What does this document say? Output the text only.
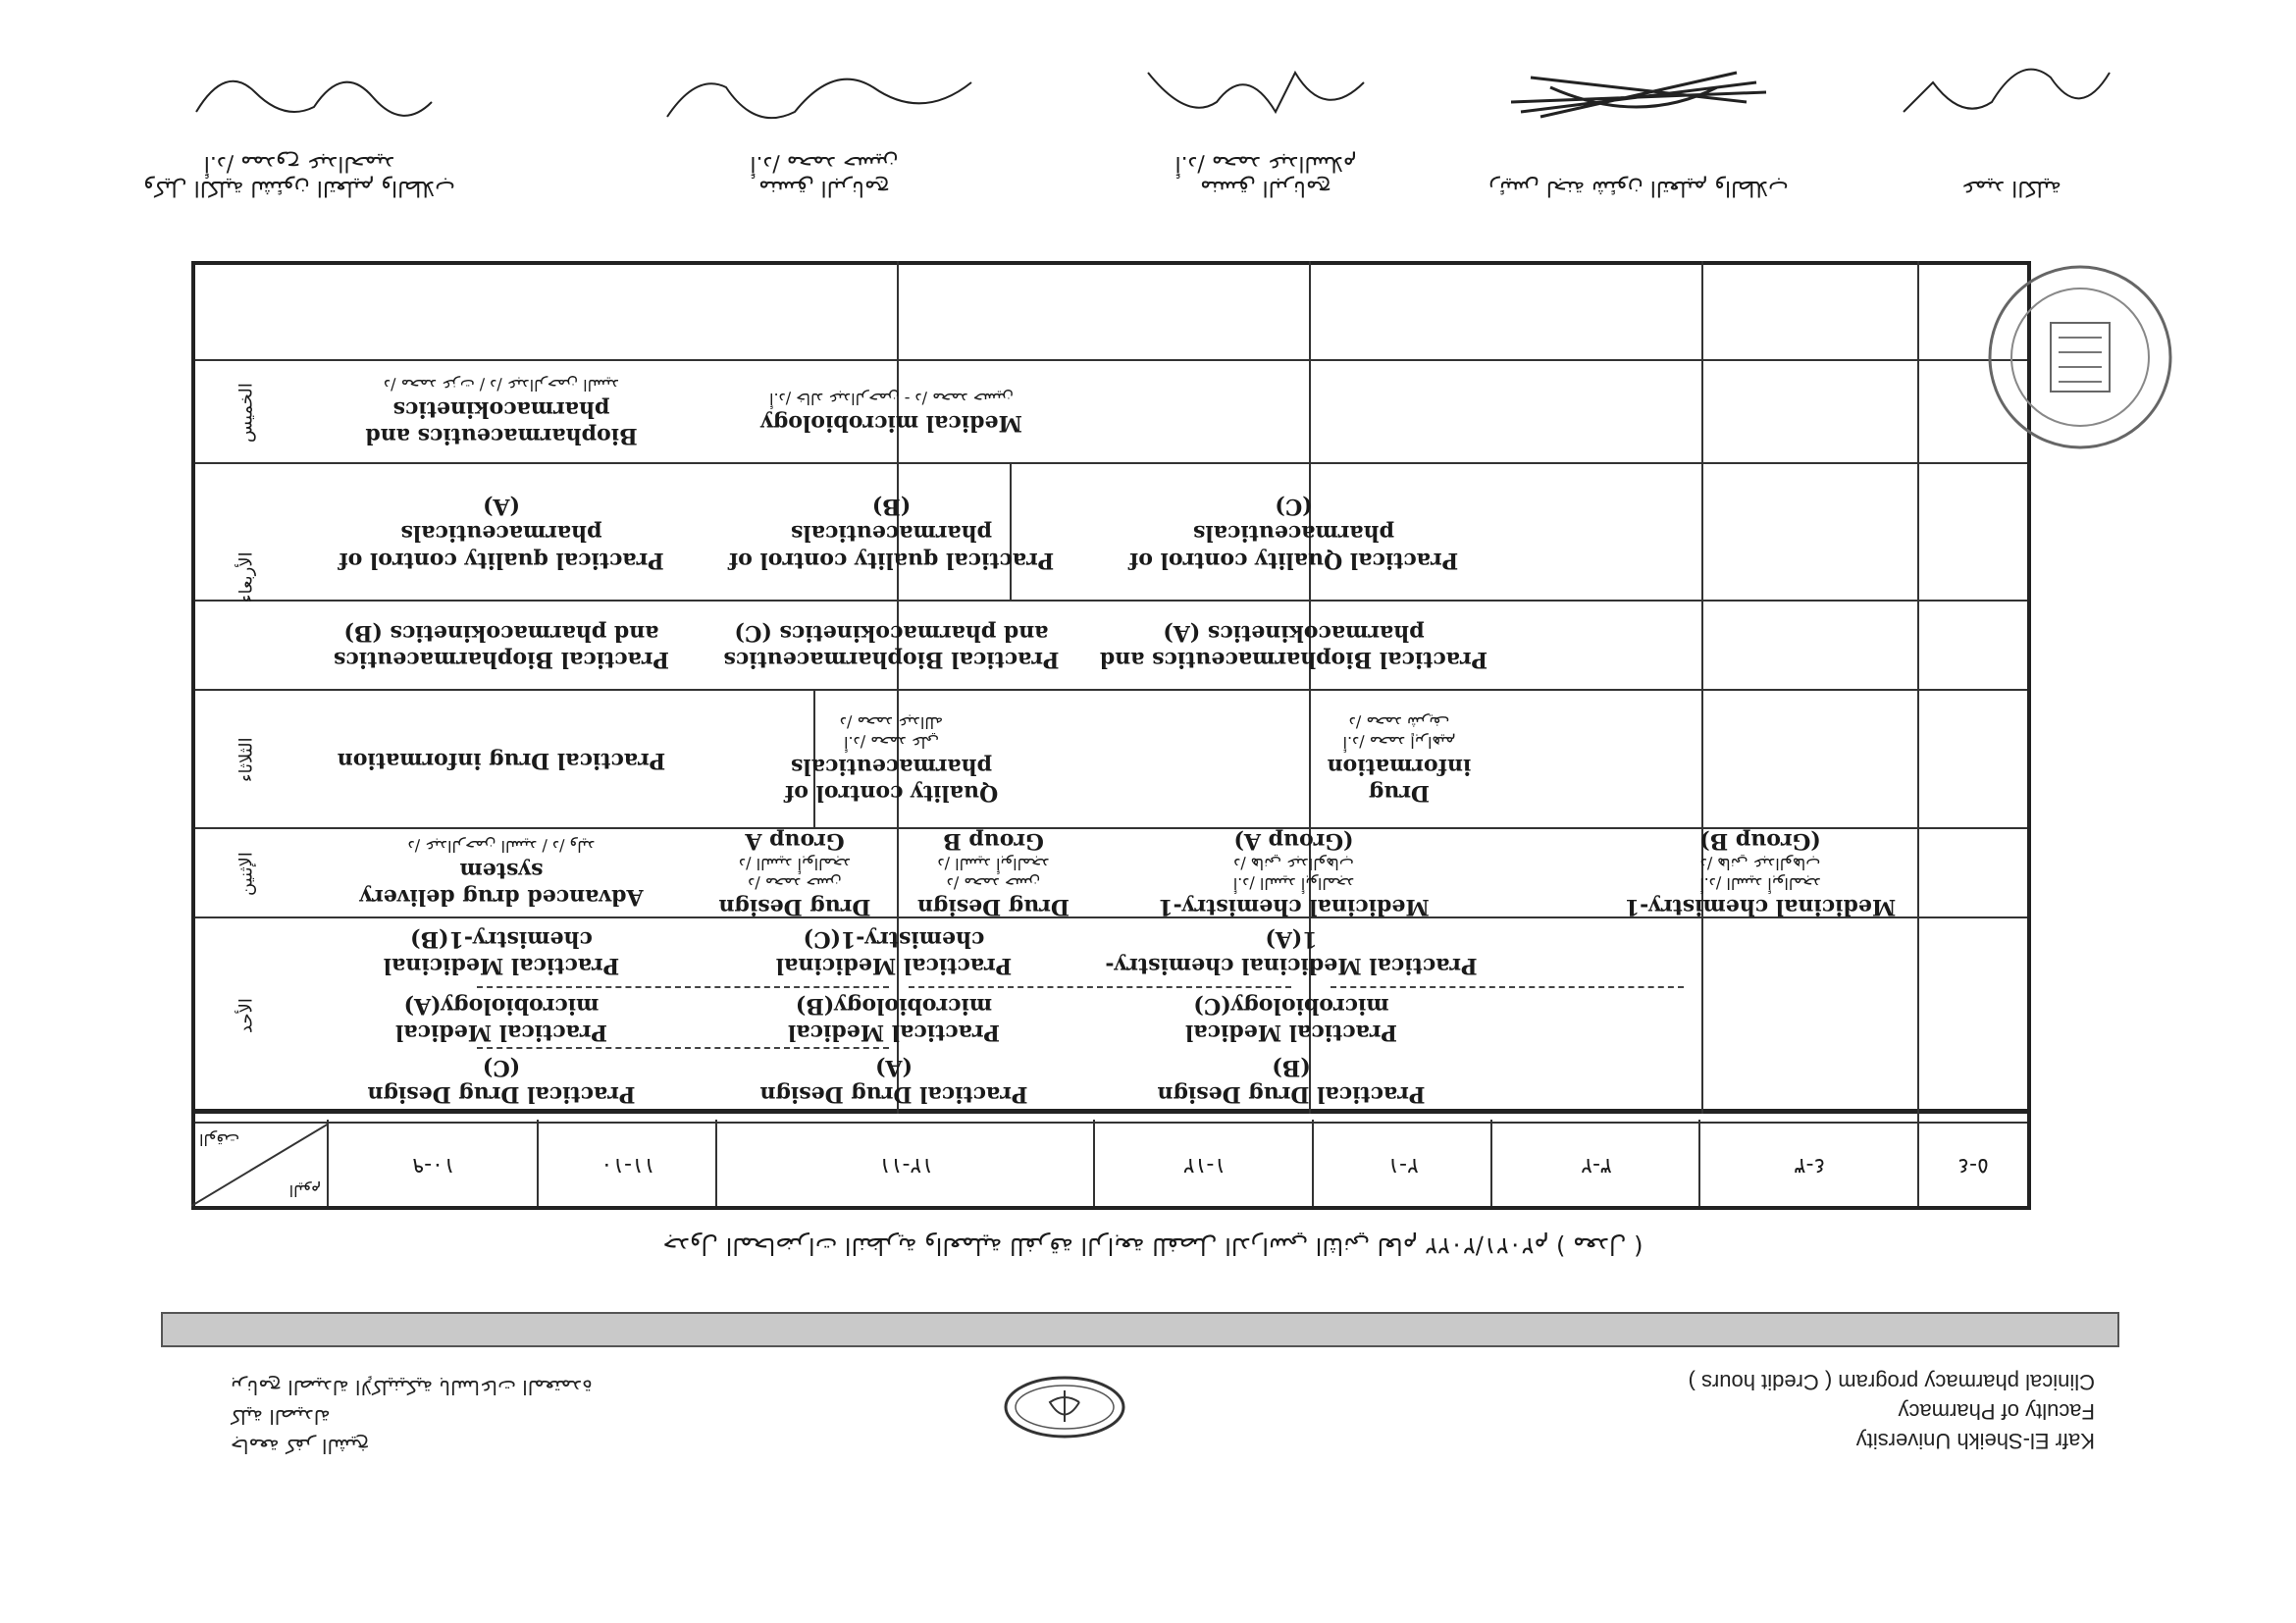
Kafr El-Sheikh University
Faculty of Pharmacy
Clinical pharmacy program ( Credit hours )
جامعة كفر الشيخ
كلية الصيدلة
برنامج الصيدلة الإكلينيكية بالساعات المعتمدة
جدول المحاضرات النظرية والعملية للفرقة الرابعة للفصل الدراسي الثاني لعام ٢٠٢١/٢٠٢٢م ( معدل )
٤-٥
٣-٤
٢-٣
١-٢
١٢-١
١١-١٢
١٠-١١
٩-١٠
الوقت
اليوم
الأحد
الإثنين
الثلاثاء
الأربعاء
الخميس
Practical Drug Design
(C)
Practical Medical microbiology(A)
Practical Medicinal chemistry-1(B)
Practical Drug Design
(A)
Practical Medical microbiology(B)
Practical Medicinal chemistry-1(C)
Practical Drug Design
(B)
Practical Medical microbiology(C)
Practical Medicinal chemistry-1(A)
Advanced drug delivery system
د/ عبدالرحمن السيد / د/ وليد
Drug Design
د/ محمد حسن
د/ السيد أبوالمجد
Group A
Drug Design
د/ محمد حسن
د/ السيد أبوالمجد
Group B
Medicinal chemistry-1
أ.د/ السيد أبوالمجد
د/ هاني عبدالوهاب
(Group A)
Medicinal chemistry-1
أ.د/ السيد أبوالمجد
د/ هاني عبدالوهاب
(Group B)
Practical Drug information
Quality control of pharmaceuticals
أ.د/ محمد علي
د/ محمد عبدالله
Drug information
أ.د/ محمد إبراهيم
د/ محمد شريف
Practical Biopharmaceutics and pharmacokinetics (B)
Practical quality control of pharmaceuticals
(A)
Practical Biopharmaceutics and pharmacokinetics (C)
Practical quality control of pharmaceuticals
(B)
Practical Biopharmaceutics and pharmacokinetics (A)
Practical Quality control of pharmaceuticals
(C)
Biopharmaceutics and pharmacokinetics
د/ محمد عزت / د/ عبدالرحمن السيد
Medical microbiology
أ.د/ خالد عبدالرحمن - د/ محمد حسين
وكيل الكلية لشئون التعليم والطلاب
أ.د/ ممدوح عبدالحميد
منسق البرنامج
أ.د/ محمد حسين
منسق البرنامج
أ.د/ محمد عبدالسلام
رئيس لجنة شئون التعليم والطلاب	عميد الكلية
